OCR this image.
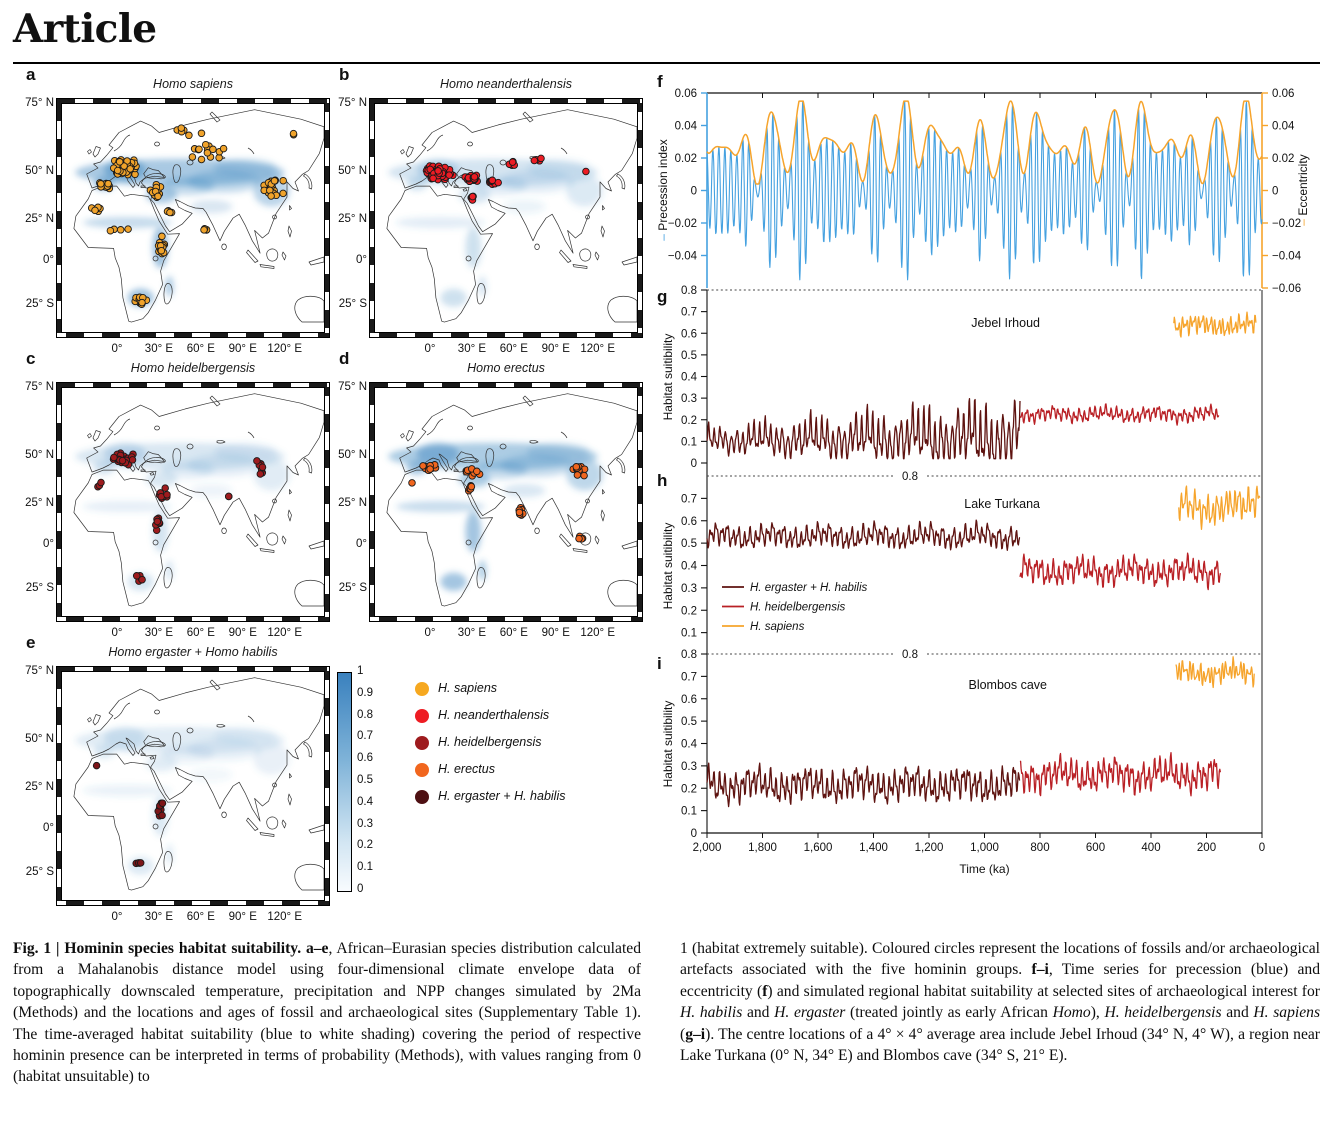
Article
a	Homo sapiens
75° N
50° N
25° N
0°
25° S
0°	30° E	60° E	90° E 120° E
b	Homo neanderthalensis
75° N
50° N
25° N
0°
25° S
0°	30° E	60° E	90° E 120° E
c	Homo heidelbergensis
75° N
50° N
25° N
0°
25° S
0°	30° E	60° E	90° E 120° E
d	Homo erectus
75° N
50° N
25° N
0°
25° S
0°	30° E	60° E	90° E 120° E
e	Homo ergaster + Homo habilis
75° N
50° N
25° N
0°
25° S
0°	30° E	60° E	90° E 120° E
1
0.9
0.8
0.7
0.6
0.5
0.4
0.3
0.2
0.1
0
H. sapiens
H. neanderthalensis
H. heidelbergensis
H. erectus
H. ergaster + H. habilis
f
0.06
0.04
0.02
0
−0.02
−0.04
0.06
0.04
0.02
0
−0.02
−0.04
−0.06
– Precession index	– Eccentricity
2,000 1,800 1,600 1,400 1,200 1,000	800	600	400	200	0
Time (ka)
g 0.8
0.7
0.6
0.5
0.4
0.3
0.2
0.1
0
Habitat suitibility
Jebel Irhoud
h	0.8
0.7
0.6
0.5
0.4
0.3
0.2
0.1
Habitat suitibility
Lake Turkana
H. ergaster + H. habilis
H. heidelbergensis
H. sapiens
i	0.8
0.8
0.7
0.6
0.5
0.4
0.3
0.2
0.1
0
Habitat suitibility
Blombos cave
Fig. 1 | Hominin species habitat suitability. a–e, African–Eurasian species distribution calculated from a Mahalanobis distance model using four-dimensional climate envelope data of topographically downscaled temperature, precipitation and NPP changes simulated by 2Ma (Methods) and the locations and ages of fossil and archaeological sites (Supplementary Table 1). The time-averaged habitat suitability (blue to white shading) covering the period of respective hominin presence can be interpreted in terms of probability (Methods), with values ranging from 0 (habitat unsuitable) to
1 (habitat extremely suitable). Coloured circles represent the locations of fossils and/or archaeological artefacts associated with the five hominin groups. f–i, Time series for precession (blue) and eccentricity (f) and simulated regional habitat suitability at selected sites of archaeological interest for H. habilis and H. ergaster (treated jointly as early African Homo), H. heidelbergensis and H. sapiens (g–i). The centre locations of a 4° × 4° average area include Jebel Irhoud (34° N, 4° W), a region near Lake Turkana (0° N, 34° E) and Blombos cave (34° S, 21° E).
